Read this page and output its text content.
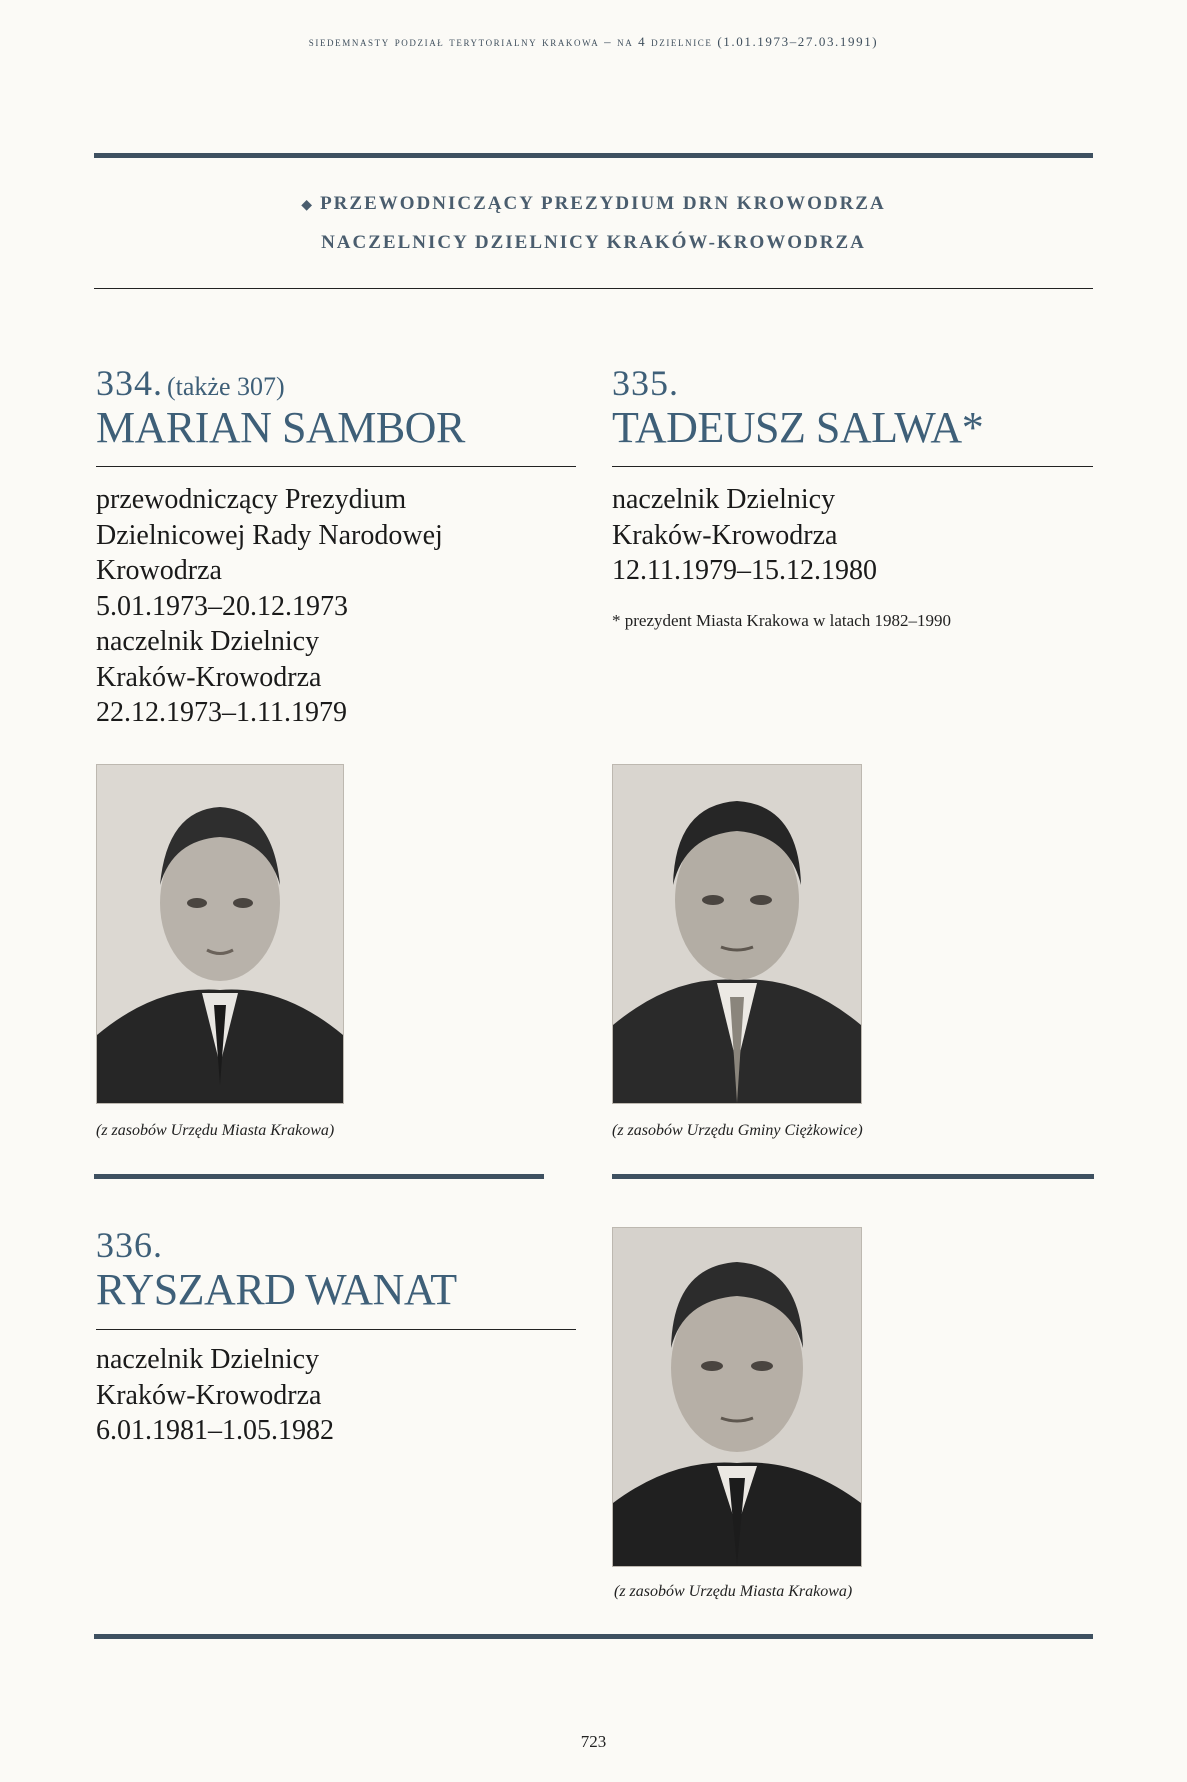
siedemnasty podział terytorialny krakowa – na 4 dzielnice (1.01.1973–27.03.1991)
◆ PRZEWODNICZĄCY PREZYDIUM DRN KROWODRZA
NACZELNICY DZIELNICY KRAKÓW-KROWODRZA
334. (także 307)
MARIAN SAMBOR
przewodniczący Prezydium
Dzielnicowej Rady Narodowej
Krowodrza
5.01.1973–20.12.1973
naczelnik Dzielnicy
Kraków-Krowodrza
22.12.1973–1.11.1979
(z zasobów Urzędu Miasta Krakowa)
335.
TADEUSZ SALWA*
naczelnik Dzielnicy
Kraków-Krowodrza
12.11.1979–15.12.1980
* prezydent Miasta Krakowa w latach 1982–1990
(z zasobów Urzędu Gminy Ciężkowice)
336.
RYSZARD WANAT
naczelnik Dzielnicy
Kraków-Krowodrza
6.01.1981–1.05.1982
(z zasobów Urzędu Miasta Krakowa)
723
